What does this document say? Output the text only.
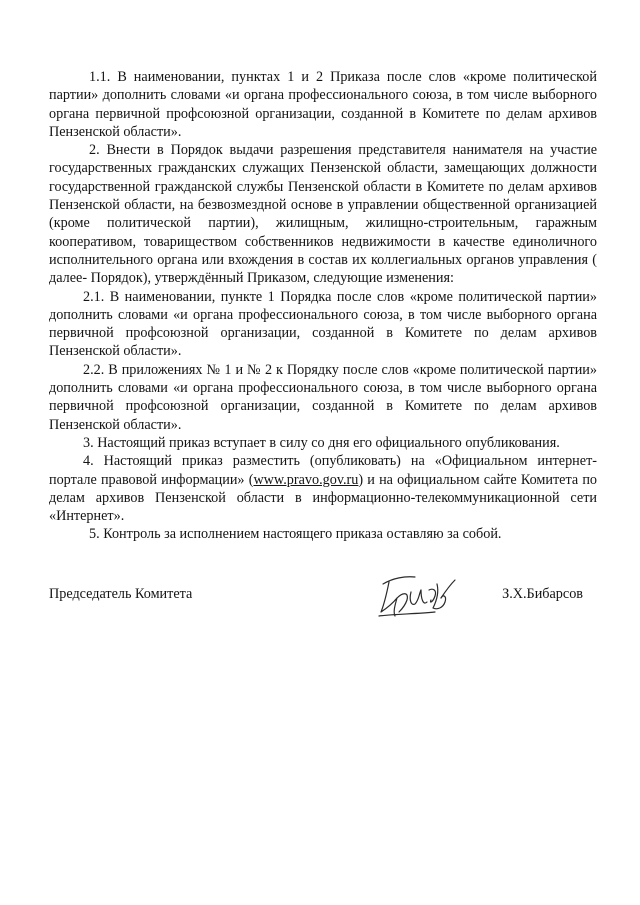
1.1. В наименовании, пунктах 1 и 2 Приказа после слов «кроме политической партии» дополнить словами «и органа профессионального союза, в том числе выборного органа первичной профсоюзной организации, созданной в Комитете по делам архивов Пензенской области».

2. Внести в Порядок выдачи разрешения представителя нанимателя на участие государственных гражданских служащих Пензенской области, замещающих должности государственной гражданской службы Пензенской области в Комитете по делам архивов Пензенской области, на безвозмездной основе в управлении общественной организацией (кроме политической партии), жилищным, жилищно-строительным, гаражным кооперативом, товариществом собственников недвижимости в качестве единоличного исполнительного органа или вхождения в состав их коллегиальных органов управления ( далее- Порядок), утверждённый Приказом, следующие изменения:

2.1. В наименовании, пункте 1 Порядка после слов «кроме политической партии» дополнить словами «и органа профессионального союза, в том числе выборного органа первичной профсоюзной организации, созданной в Комитете по делам архивов Пензенской области».

2.2. В приложениях № 1 и № 2 к Порядку после слов «кроме политической партии» дополнить словами «и органа профессионального союза, в том числе выборного органа первичной профсоюзной организации, созданной в Комитете по делам архивов Пензенской области».

3. Настоящий приказ вступает в силу со дня его официального опубликования.

4. Настоящий приказ разместить (опубликовать) на «Официальном интернет-портале правовой информации» (www.pravo.gov.ru) и на официальном сайте Комитета по делам архивов Пензенской области в информационно-телекоммуникационной сети «Интернет».

5. Контроль за исполнением настоящего приказа оставляю за собой.

Председатель Комитета	З.Х.Бибарсов
